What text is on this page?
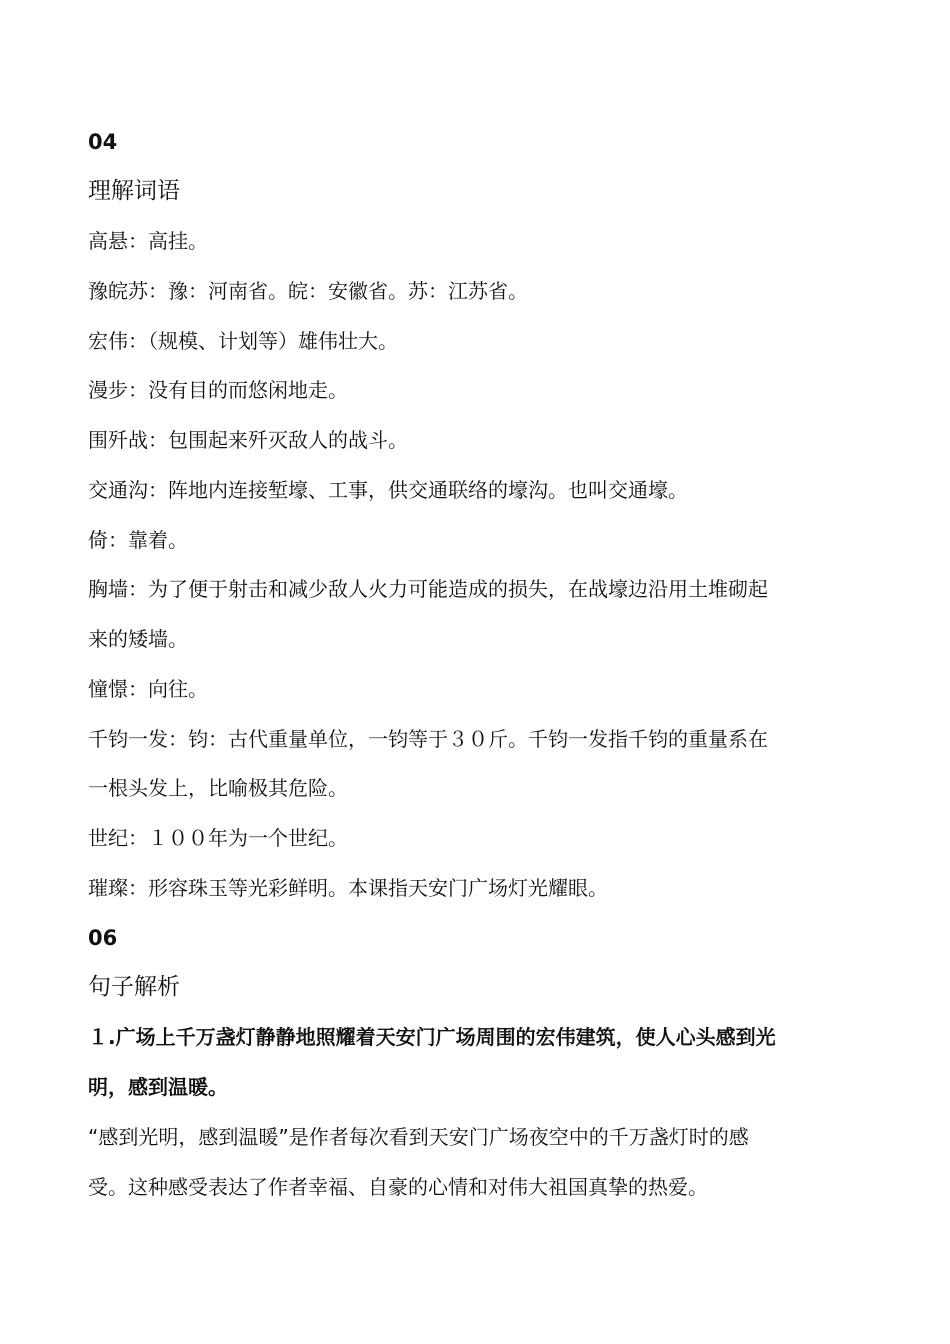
04
理解词语
高悬：高挂。
豫皖苏：豫：河南省。皖：安徽省。苏：江苏省。
宏伟：（规模、计划等）雄伟壮大。
漫步：没有目的而悠闲地走。
围歼战：包围起来歼灭敌人的战斗。
交通沟：阵地内连接堑壕、工事，供交通联络的壕沟。也叫交通壕。
倚：靠着。
胸墙：为了便于射击和减少敌人火力可能造成的损失，在战壕边沿用土堆砌起
来的矮墙。
憧憬：向往。
千钧一发：钧：古代重量单位，一钧等于３０斤。千钧一发指千钧的重量系在
一根头发上，比喻极其危险。
世纪：１００年为一个世纪。
璀璨：形容珠玉等光彩鲜明。本课指天安门广场灯光耀眼。
06
句子解析
１.广场上千万盏灯静静地照耀着天安门广场周围的宏伟建筑，使人心头感到光
明，感到温暖。
“感到光明，感到温暖”是作者每次看到天安门广场夜空中的千万盏灯时的感
受。这种感受表达了作者幸福、自豪的心情和对伟大祖国真挚的热爱。
